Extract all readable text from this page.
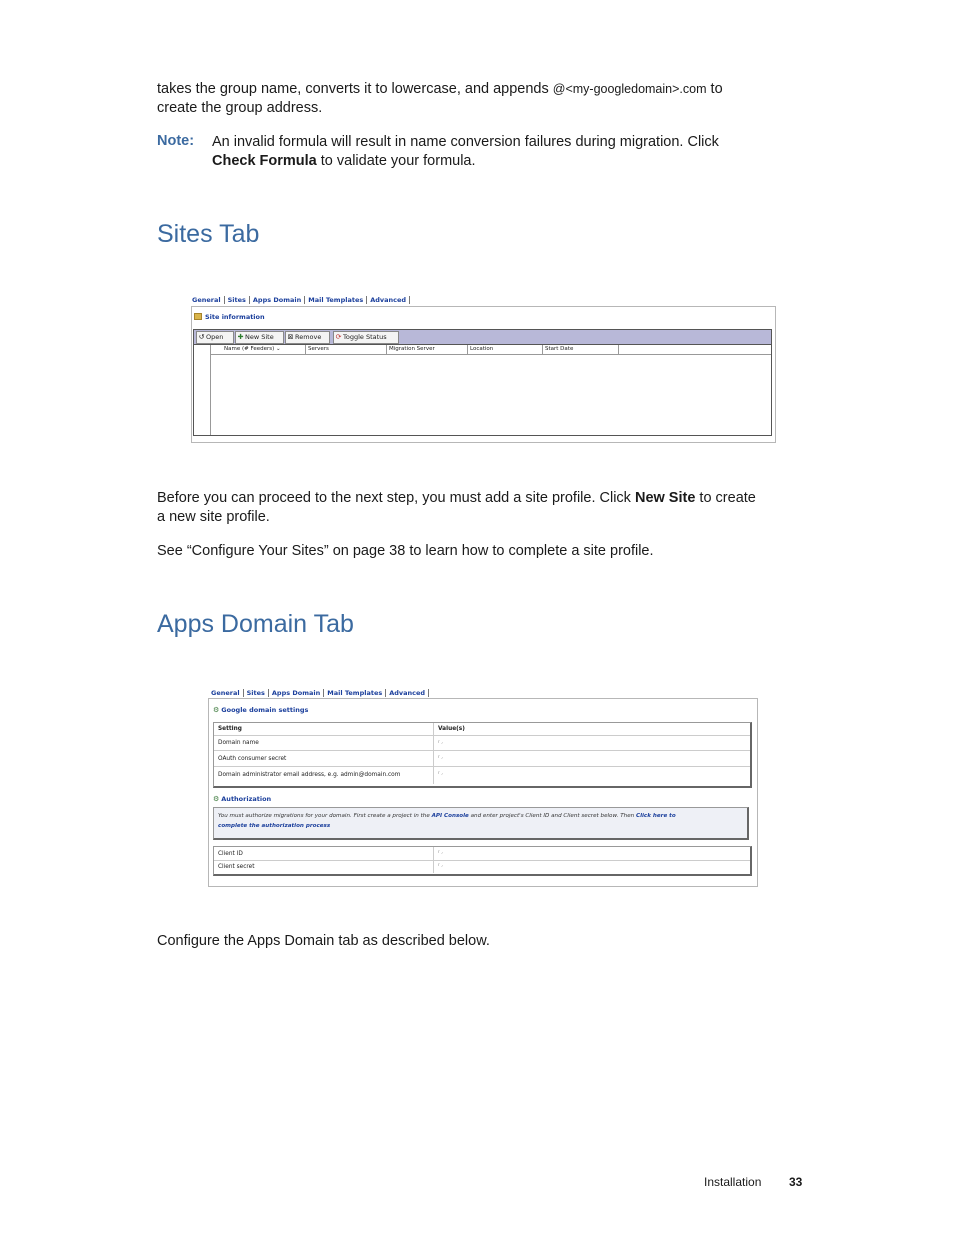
takes the group name, converts it to lowercase, and appends @<my-googledomain>.com to
create the group address.

Note: An invalid formula will result in name conversion failures during migration. Click
Check Formula to validate your formula.
Sites Tab
General Sites Apps Domain Mail Templates Advanced
Site information
↺ Open	✚ New Site	⊠ Remove	⟳ Toggle Status
Name (# Feeders) ⌄	Servers	Migration Server	Location	Start Date

Before you can proceed to the next step, you must add a site profile. Click New Site to create
a new site profile.

See “Configure Your Sites” on page 38 to learn how to complete a site profile.

Apps Domain Tab
General Sites Apps Domain Mail Templates Advanced
⚙ Google domain settings
Setting	Value(s)
Domain name	r ⌟
OAuth consumer secret	r ⌟
Domain administrator email address, e.g. admin@domain.com	r ⌟
⚙ Authorization
You must authorize migrations for your domain. First create a project in the API Console and enter project's Client ID and Client secret below. Then Click here to
complete the authorization process
Client ID	r ⌟
Client secret	r ⌟

Configure the Apps Domain tab as described below.

Installation 33
